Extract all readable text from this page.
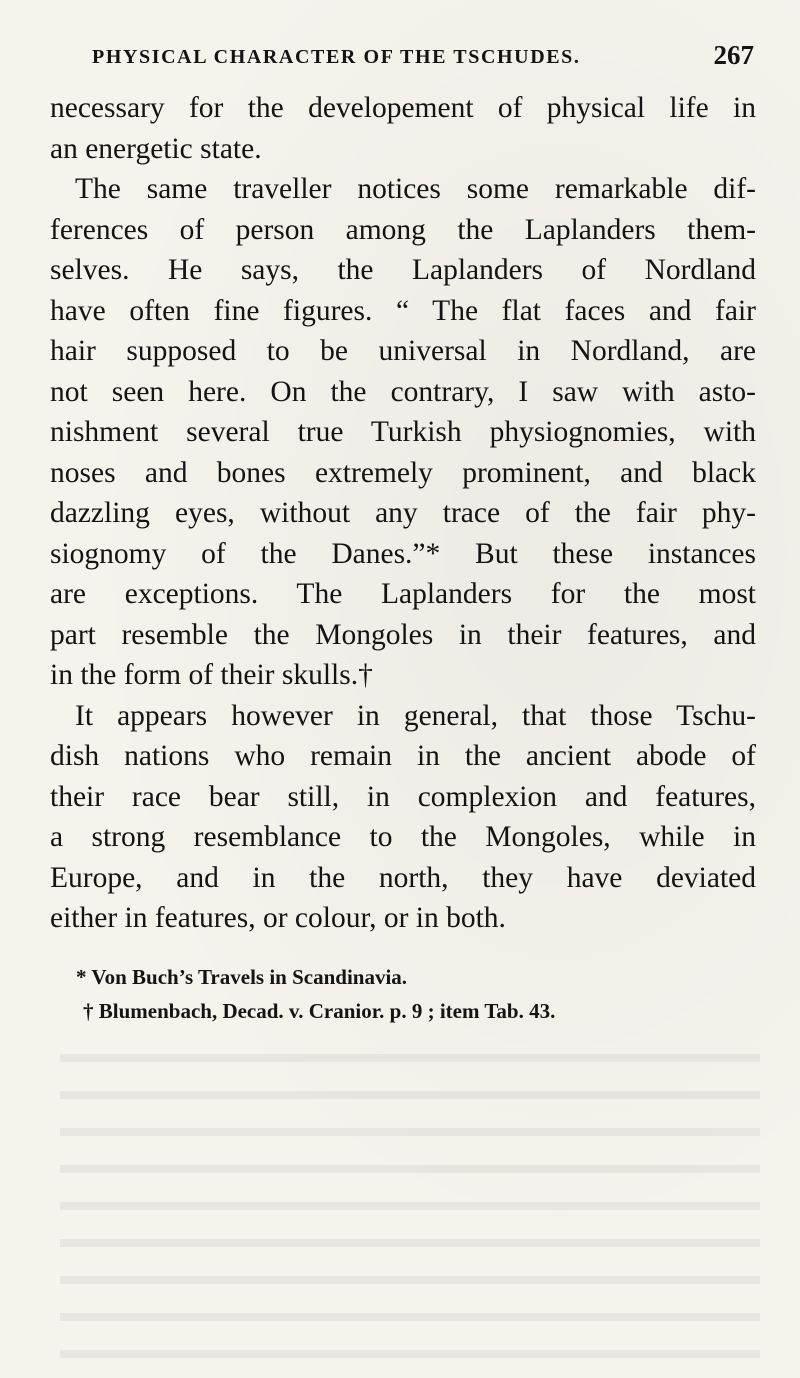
PHYSICAL CHARACTER OF THE TSCHUDES.	267
necessary for the developement of physical life in
an energetic state.
The same traveller notices some remarkable dif-
ferences of person among the Laplanders them-
selves. He says, the Laplanders of Nordland
have often fine figures. “ The flat faces and fair
hair supposed to be universal in Nordland, are
not seen here. On the contrary, I saw with asto-
nishment several true Turkish physiognomies, with
noses and bones extremely prominent, and black
dazzling eyes, without any trace of the fair phy-
siognomy of the Danes.”* But these instances
are exceptions. The Laplanders for the most
part resemble the Mongoles in their features, and
in the form of their skulls.†
It appears however in general, that those Tschu-
dish nations who remain in the ancient abode of
their race bear still, in complexion and features,
a strong resemblance to the Mongoles, while in
Europe, and in the north, they have deviated
either in features, or colour, or in both.
* Von Buch’s Travels in Scandinavia.
† Blumenbach, Decad. v. Cranior. p. 9 ; item Tab. 43.
